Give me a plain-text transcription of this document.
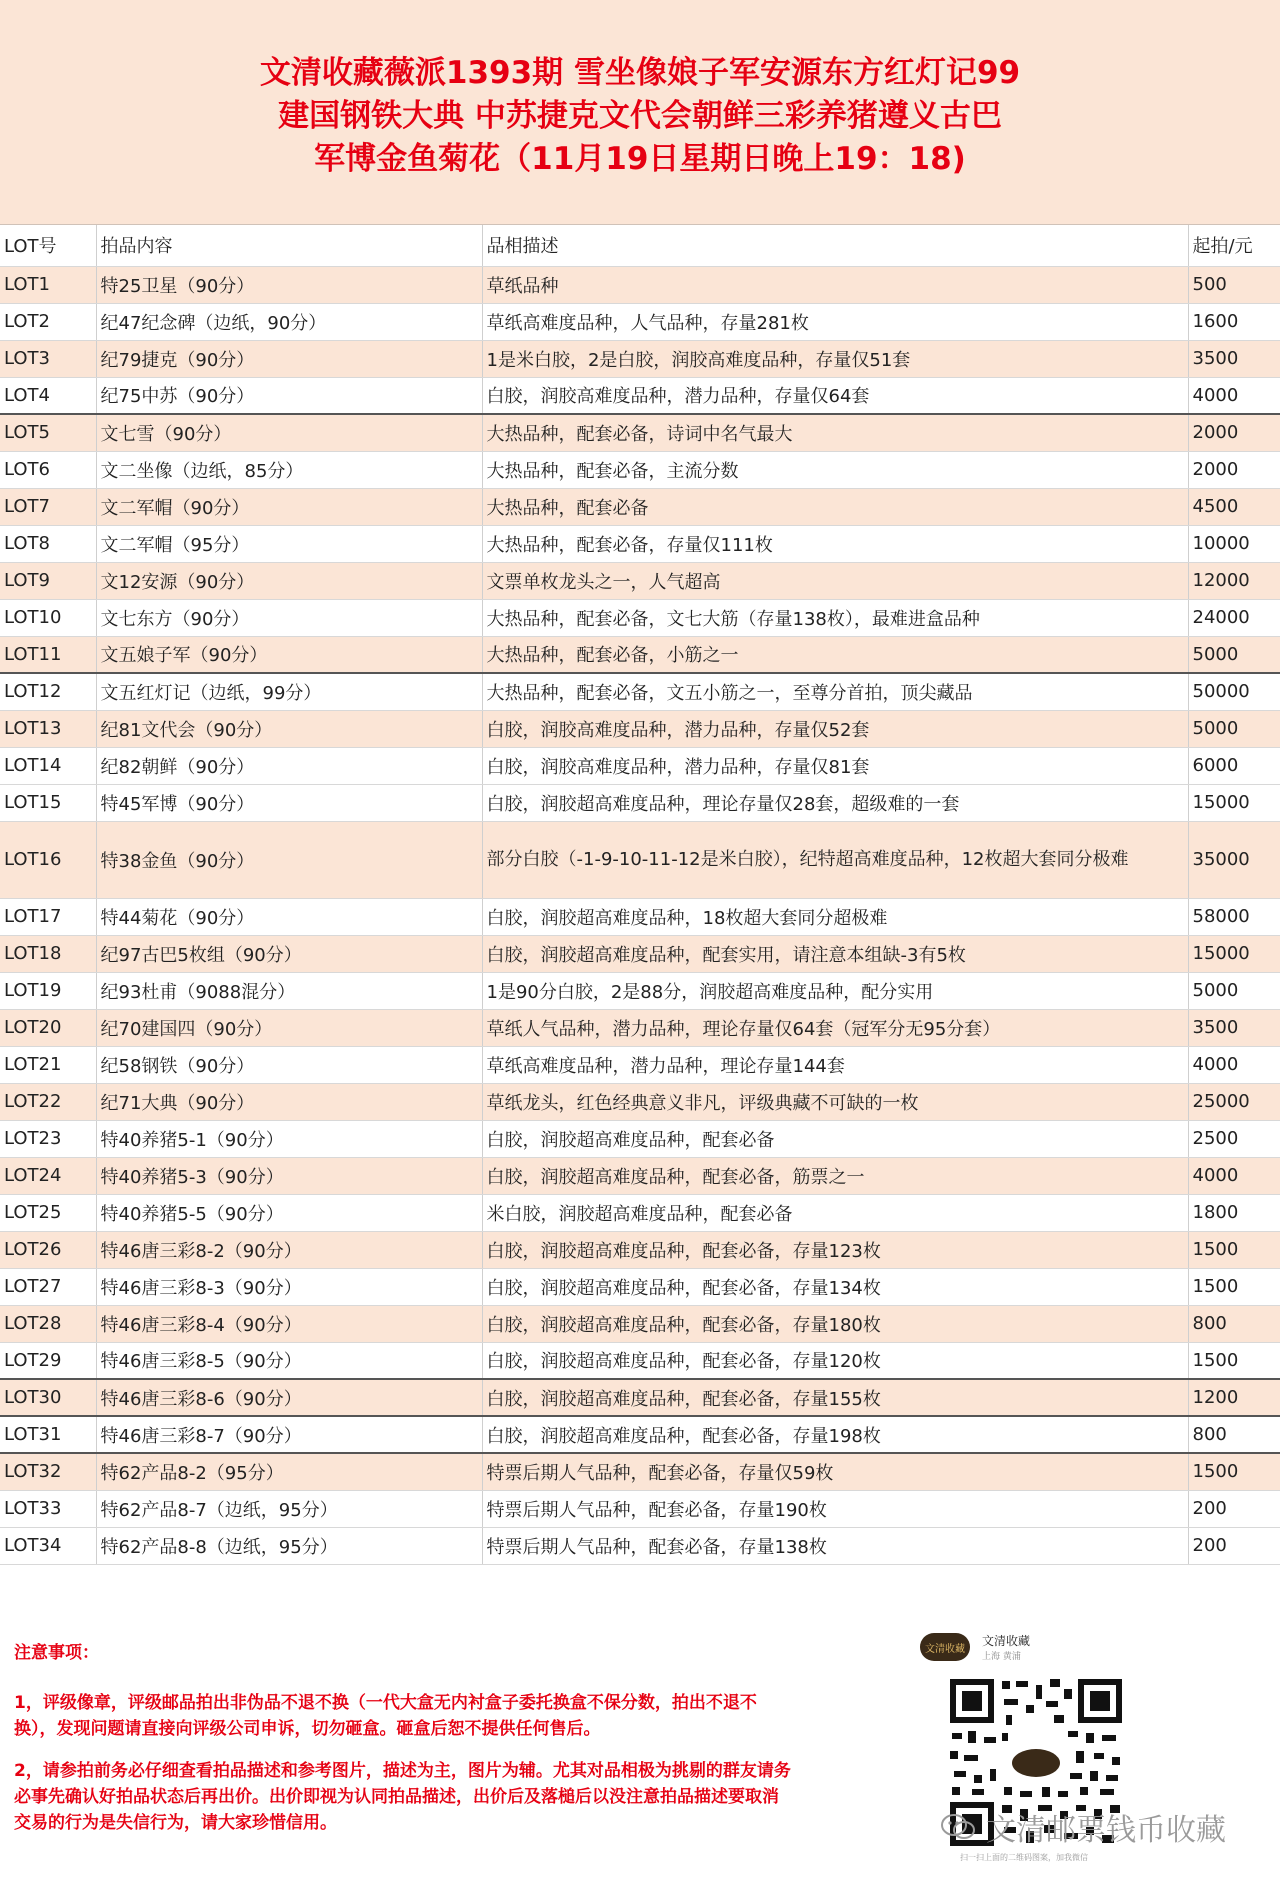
文清收藏薇派1393期 雪坐像娘子军安源东方红灯记99
建国钢铁大典 中苏捷克文代会朝鲜三彩养猪遵义古巴
军博金鱼菊花（11月19日星期日晚上19：18)
LOT号	拍品内容	品相描述	起拍/元
LOT1	特25卫星（90分）	草纸品种	500
LOT2	纪47纪念碑（边纸，90分）	草纸高难度品种，人气品种，存量281枚	1600
LOT3	纪79捷克（90分）	1是米白胶，2是白胶，润胶高难度品种，存量仅51套	3500
LOT4	纪75中苏（90分）	白胶，润胶高难度品种，潜力品种，存量仅64套	4000
LOT5	文七雪（90分）	大热品种，配套必备，诗词中名气最大	2000
LOT6	文二坐像（边纸，85分）	大热品种，配套必备，主流分数	2000
LOT7	文二军帽（90分）	大热品种，配套必备	4500
LOT8	文二军帽（95分）	大热品种，配套必备，存量仅111枚	10000
LOT9	文12安源（90分）	文票单枚龙头之一，人气超高	12000
LOT10	文七东方（90分）	大热品种，配套必备，文七大筋（存量138枚），最难进盒品种	24000
LOT11	文五娘子军（90分）	大热品种，配套必备，小筋之一	5000
LOT12	文五红灯记（边纸，99分）	大热品种，配套必备，文五小筋之一，至尊分首拍，顶尖藏品	50000
LOT13	纪81文代会（90分）	白胶，润胶高难度品种，潜力品种，存量仅52套	5000
LOT14	纪82朝鲜（90分）	白胶，润胶高难度品种，潜力品种，存量仅81套	6000
LOT15	特45军博（90分）	白胶，润胶超高难度品种，理论存量仅28套，超级难的一套	15000
LOT16	特38金鱼（90分）	部分白胶（-1-9-10-11-12是米白胶），纪特超高难度品种，12枚超大套同分极难	35000
LOT17	特44菊花（90分）	白胶，润胶超高难度品种，18枚超大套同分超极难	58000
LOT18	纪97古巴5枚组（90分）	白胶，润胶超高难度品种，配套实用，请注意本组缺-3有5枚	15000
LOT19	纪93杜甫（9088混分）	1是90分白胶，2是88分，润胶超高难度品种，配分实用	5000
LOT20	纪70建国四（90分）	草纸人气品种，潜力品种，理论存量仅64套（冠军分无95分套）	3500
LOT21	纪58钢铁（90分）	草纸高难度品种，潜力品种，理论存量144套	4000
LOT22	纪71大典（90分）	草纸龙头，红色经典意义非凡，评级典藏不可缺的一枚	25000
LOT23	特40养猪5-1（90分）	白胶，润胶超高难度品种，配套必备	2500
LOT24	特40养猪5-3（90分）	白胶，润胶超高难度品种，配套必备，筋票之一	4000
LOT25	特40养猪5-5（90分）	米白胶，润胶超高难度品种，配套必备	1800
LOT26	特46唐三彩8-2（90分）	白胶，润胶超高难度品种，配套必备，存量123枚	1500
LOT27	特46唐三彩8-3（90分）	白胶，润胶超高难度品种，配套必备，存量134枚	1500
LOT28	特46唐三彩8-4（90分）	白胶，润胶超高难度品种，配套必备，存量180枚	800
LOT29	特46唐三彩8-5（90分）	白胶，润胶超高难度品种，配套必备，存量120枚	1500
LOT30	特46唐三彩8-6（90分）	白胶，润胶超高难度品种，配套必备，存量155枚	1200
LOT31	特46唐三彩8-7（90分）	白胶，润胶超高难度品种，配套必备，存量198枚	800
LOT32	特62产品8-2（95分）	特票后期人气品种，配套必备，存量仅59枚	1500
LOT33	特62产品8-7（边纸，95分）	特票后期人气品种，配套必备，存量190枚	200
LOT34	特62产品8-8（边纸，95分）	特票后期人气品种，配套必备，存量138枚	200

注意事项：

1，评级像章，评级邮品拍出非伪品不退不换（一代大盒无内衬盒子委托换盒不保分数，拍出不退不换），发现问题请直接向评级公司申诉，切勿砸盒。砸盒后恕不提供任何售后。

2，请参拍前务必仔细查看拍品描述和参考图片，描述为主，图片为辅。尤其对品相极为挑剔的群友请务必事先确认好拍品状态后再出价。出价即视为认同拍品描述，出价后及落槌后以没注意拍品描述要取消交易的行为是失信行为，请大家珍惜信用。

文清收藏
文清收藏
上海 黄浦
扫一扫上面的二维码图案，加我微信
文清邮票钱币收藏
